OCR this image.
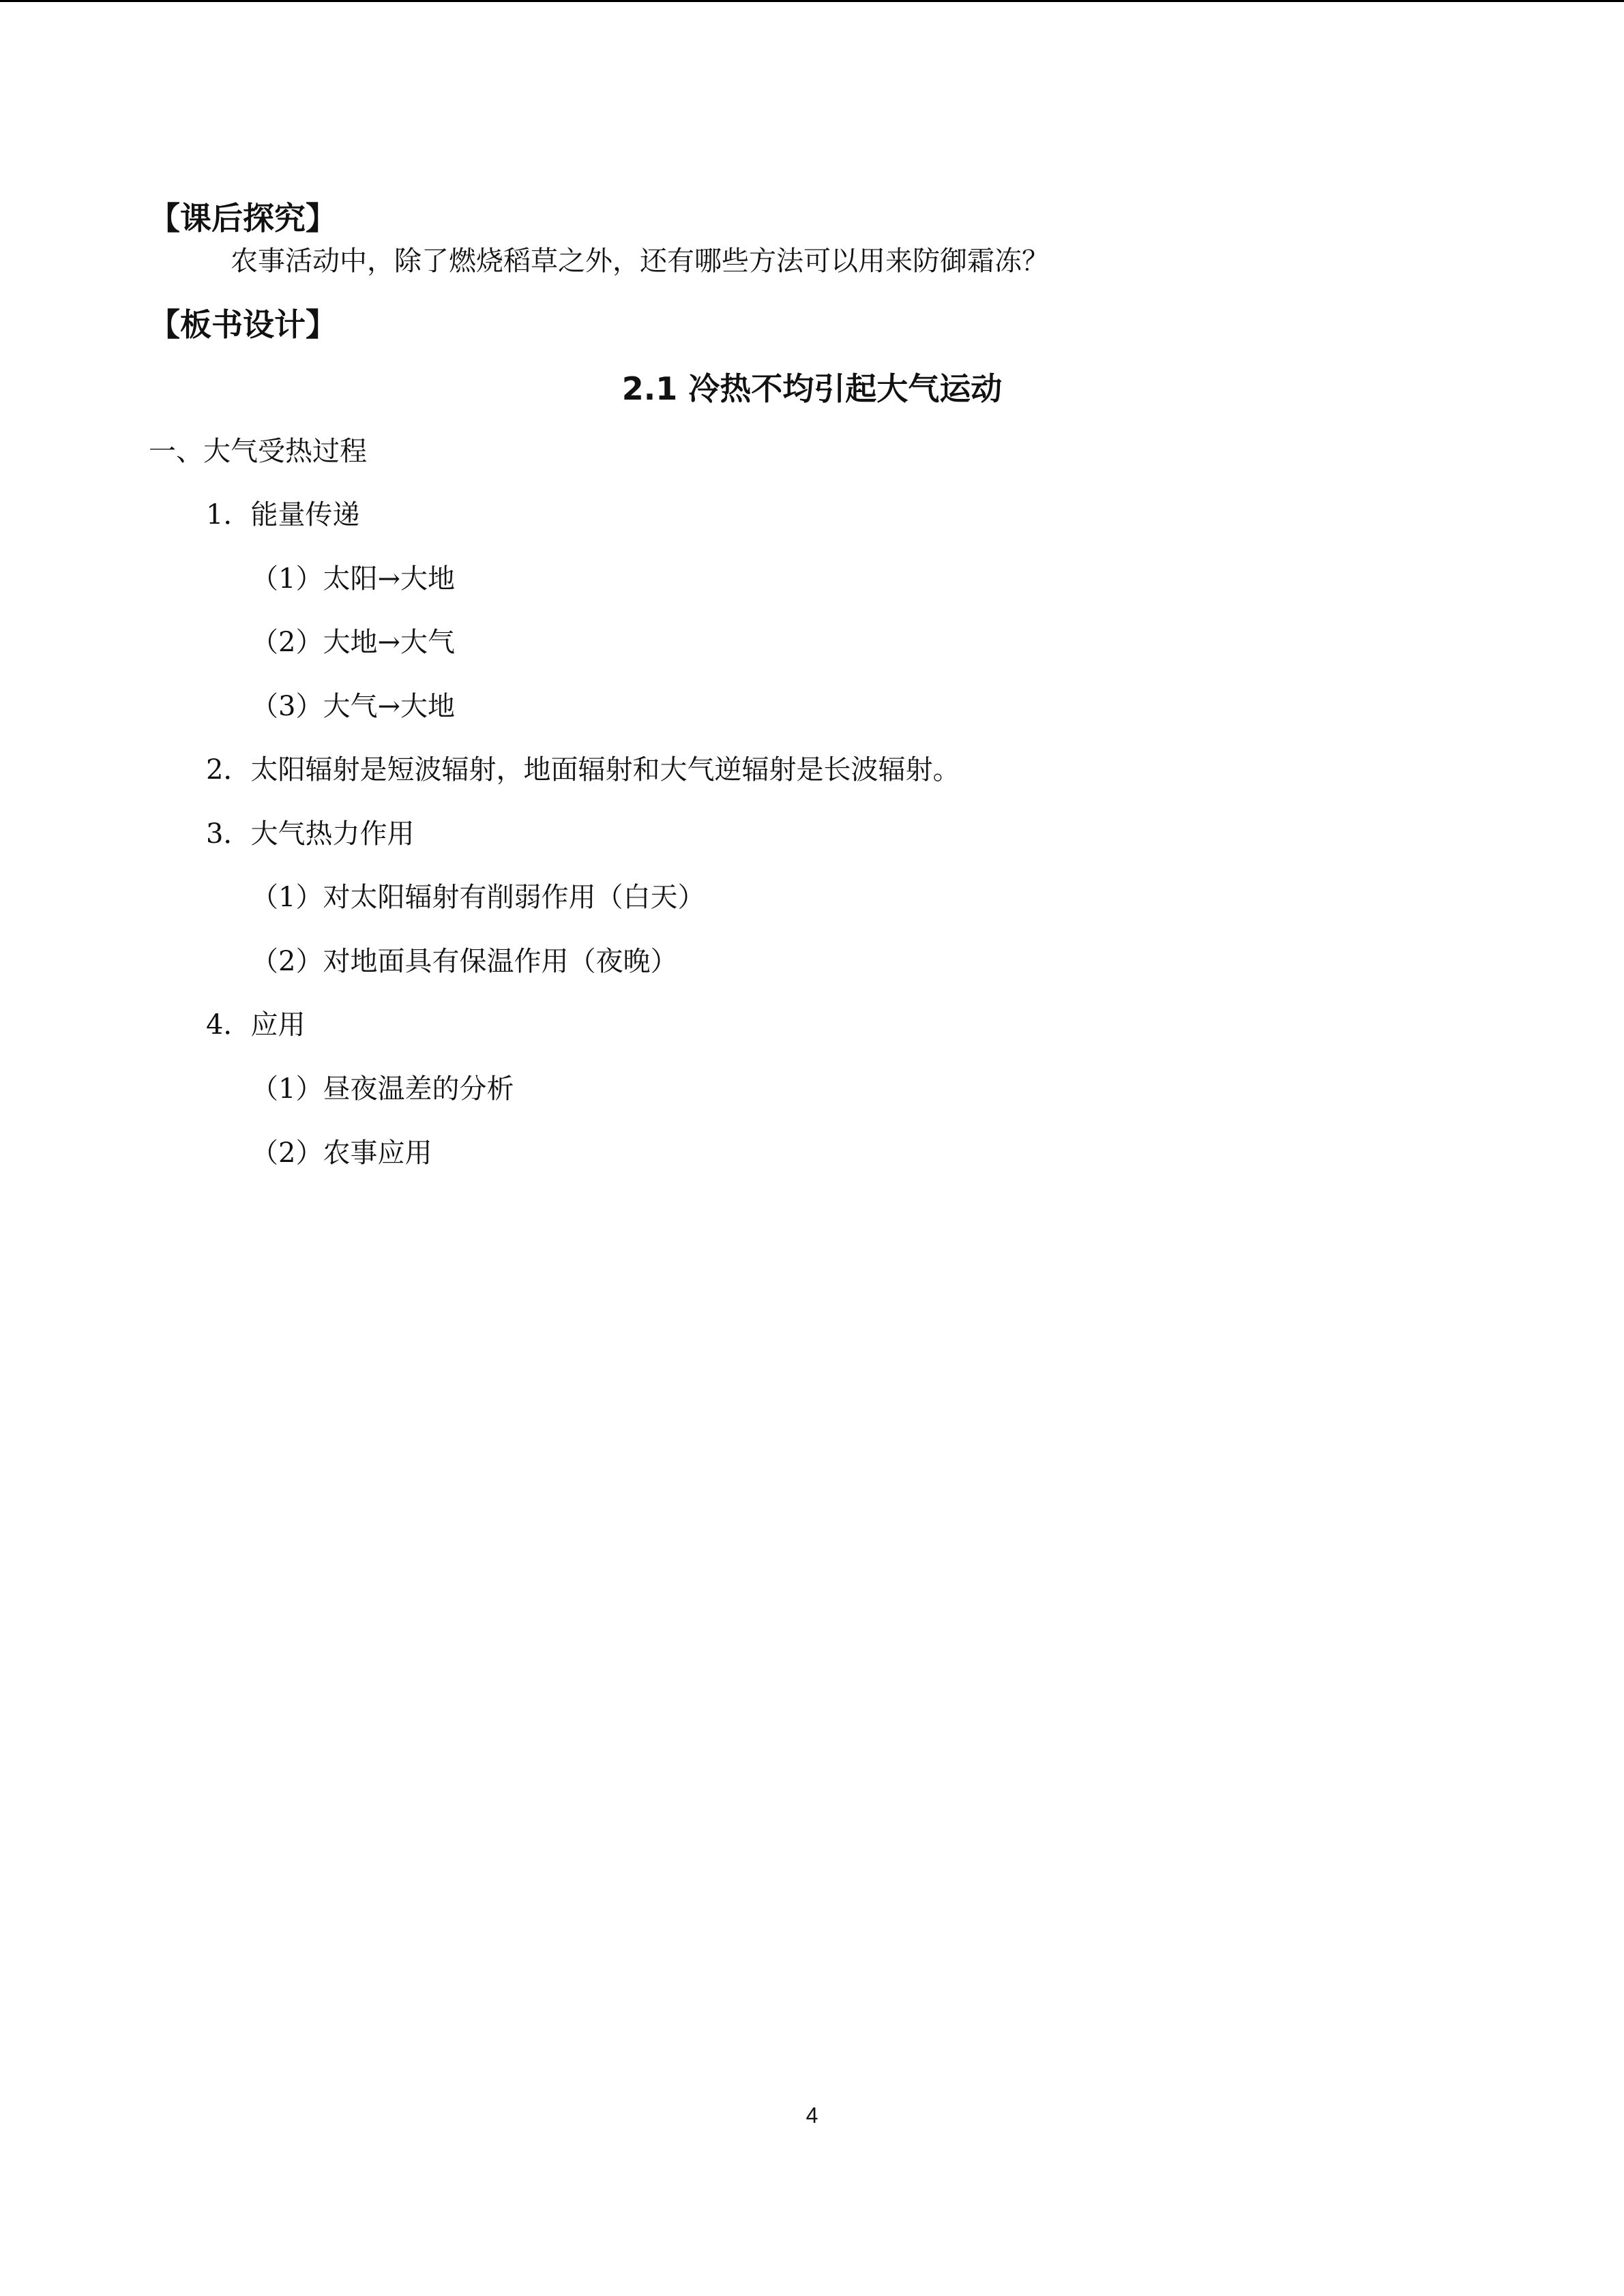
【课后探究】
农事活动中，除了燃烧稻草之外，还有哪些方法可以用来防御霜冻？
【板书设计】
2.1 冷热不均引起大气运动
一、大气受热过程
1．能量传递
（1）太阳→大地
（2）大地→大气
（3）大气→大地
2．太阳辐射是短波辐射，地面辐射和大气逆辐射是长波辐射。
3．大气热力作用
（1）对太阳辐射有削弱作用（白天）
（2）对地面具有保温作用（夜晚）
4．应用
（1）昼夜温差的分析
（2）农事应用
4
